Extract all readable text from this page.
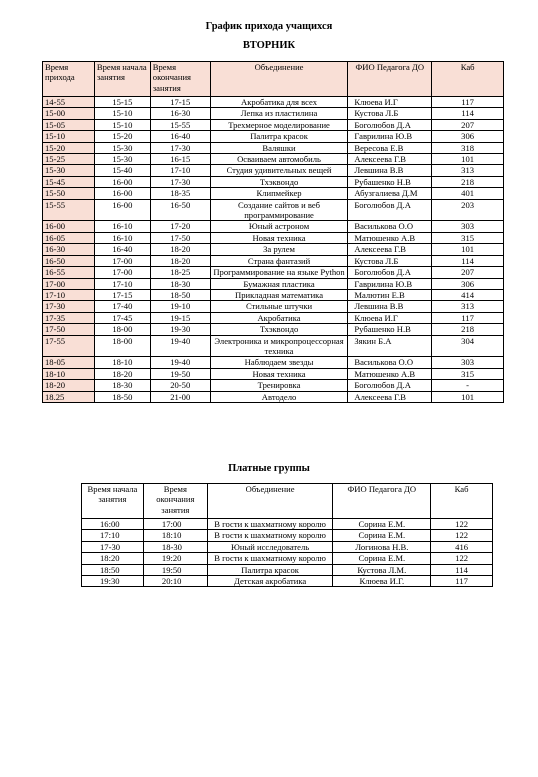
График прихода учащихся
ВТОРНИК
Время прихода	Время начала занятия	Время окончания занятия	Объединение	ФИО Педагога ДО	Каб
14-55	15-15	17-15	Акробатика для всех	Клюева И.Г	117
15-00	15-10	16-30	Лепка из пластилина	Кустова Л.Б	114
15-05	15-10	15-55	Трехмерное моделирование	Боголюбов Д.А	207
15-10	15-20	16-40	Палитра красок	Гаврилина Ю.В	306
15-20	15-30	17-30	Валяшки	Вересова Е.В	318
15-25	15-30	16-15	Осваиваем автомобиль	Алексеева Г.В	101
15-30	15-40	17-10	Студия удивительных вещей	Левшина В.В	313
15-45	16-00	17-30	Тхэквондо	Рубашенко Н.В	218
15-50	16-00	18-35	Клипмейкер	Абузгалиева Д.М	401
15-55	16-00	16-50	Создание сайтов и веб программирование	Боголюбов Д.А	203
16-00	16-10	17-20	Юный астроном	Василькова О.О	303
16-05	16-10	17-50	Новая техника	Матюшенко А.В	315
16-30	16-40	18-20	За рулем	Алексеева Г.В	101
16-50	17-00	18-20	Страна фантазий	Кустова Л.Б	114
16-55	17-00	18-25	Программирование на языке Python	Боголюбов Д.А	207
17-00	17-10	18-30	Бумажная пластика	Гаврилина Ю.В	306
17-10	17-15	18-50	Прикладная математика	Малютин Е.В	414
17-30	17-40	19-10	Стильные штучки	Левшина В.В	313
17-35	17-45	19-15	Акробатика	Клюева И.Г	117
17-50	18-00	19-30	Тхэквондо	Рубашенко Н.В	218
17-55	18-00	19-40	Электроника и микропроцессорная техника	Зякин Б.А	304
18-05	18-10	19-40	Наблюдаем звезды	Василькова О.О	303
18-10	18-20	19-50	Новая техника	Матюшенко А.В	315
18-20	18-30	20-50	Тренировка	Боголюбов Д.А	-
18.25	18-50	21-00	Автодело	Алексеева Г.В	101
Платные группы
Время начала занятия	Время окончания занятия	Объединение	ФИО Педагога ДО	Каб
16:00	17:00	В гости к шахматному королю	Сорина Е.М.	122
17:10	18:10	В гости к шахматному королю	Сорина Е.М.	122
17-30	18-30	Юный исследователь	Логинова Н.В.	416
18:20	19:20	В гости к шахматному королю	Сорина Е.М.	122
18:50	19:50	Палитра красок	Кустова Л.М.	114
19:30	20:10	Детская акробатика	Клюева И.Г.	117
